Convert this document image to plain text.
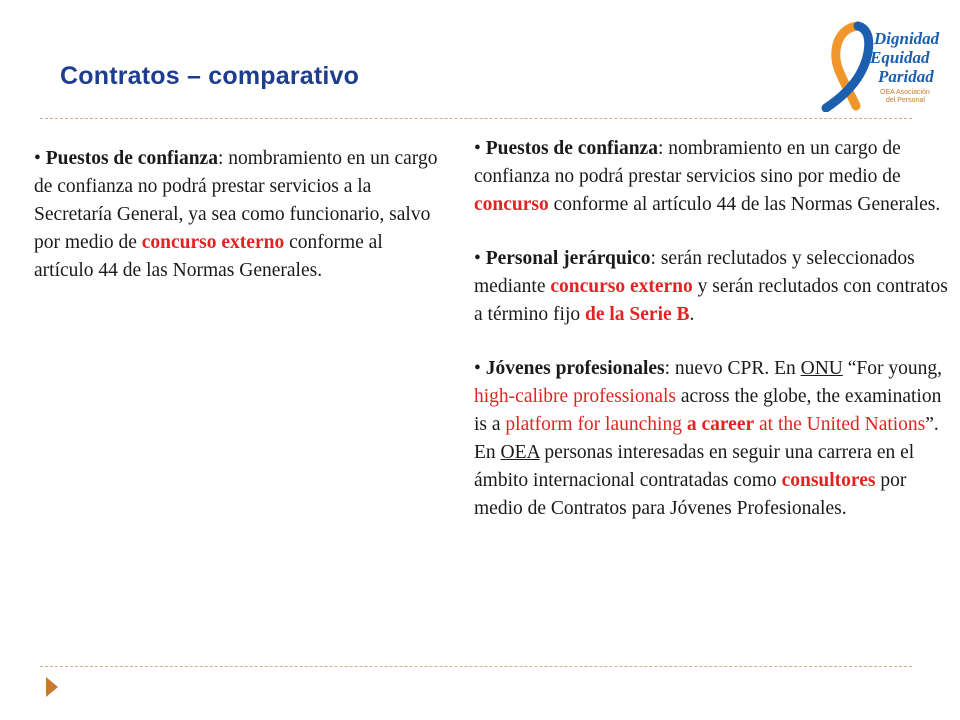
Contratos – comparativo
Dignidad
Equidad
Paridad
OEA Asociación
del Personal

• Puestos de confianza: nombramiento en un cargo de confianza no podrá prestar servicios a la Secretaría General, ya sea como funcionario, salvo por medio de concurso externo conforme al artículo 44 de las Normas Generales.

• Puestos de confianza: nombramiento en un cargo de confianza no podrá prestar servicios sino por medio de concurso conforme al artículo 44 de las Normas Generales.

• Personal jerárquico: serán reclutados y seleccionados mediante concurso externo y serán reclutados con contratos a término fijo de la Serie B.

• Jóvenes profesionales: nuevo CPR. En ONU “For young, high-calibre professionals across the globe, the examination is a platform for launching a career at the United Nations”. En OEA personas interesadas en seguir una carrera en el ámbito internacional contratadas como consultores por medio de Contratos para Jóvenes Profesionales.
